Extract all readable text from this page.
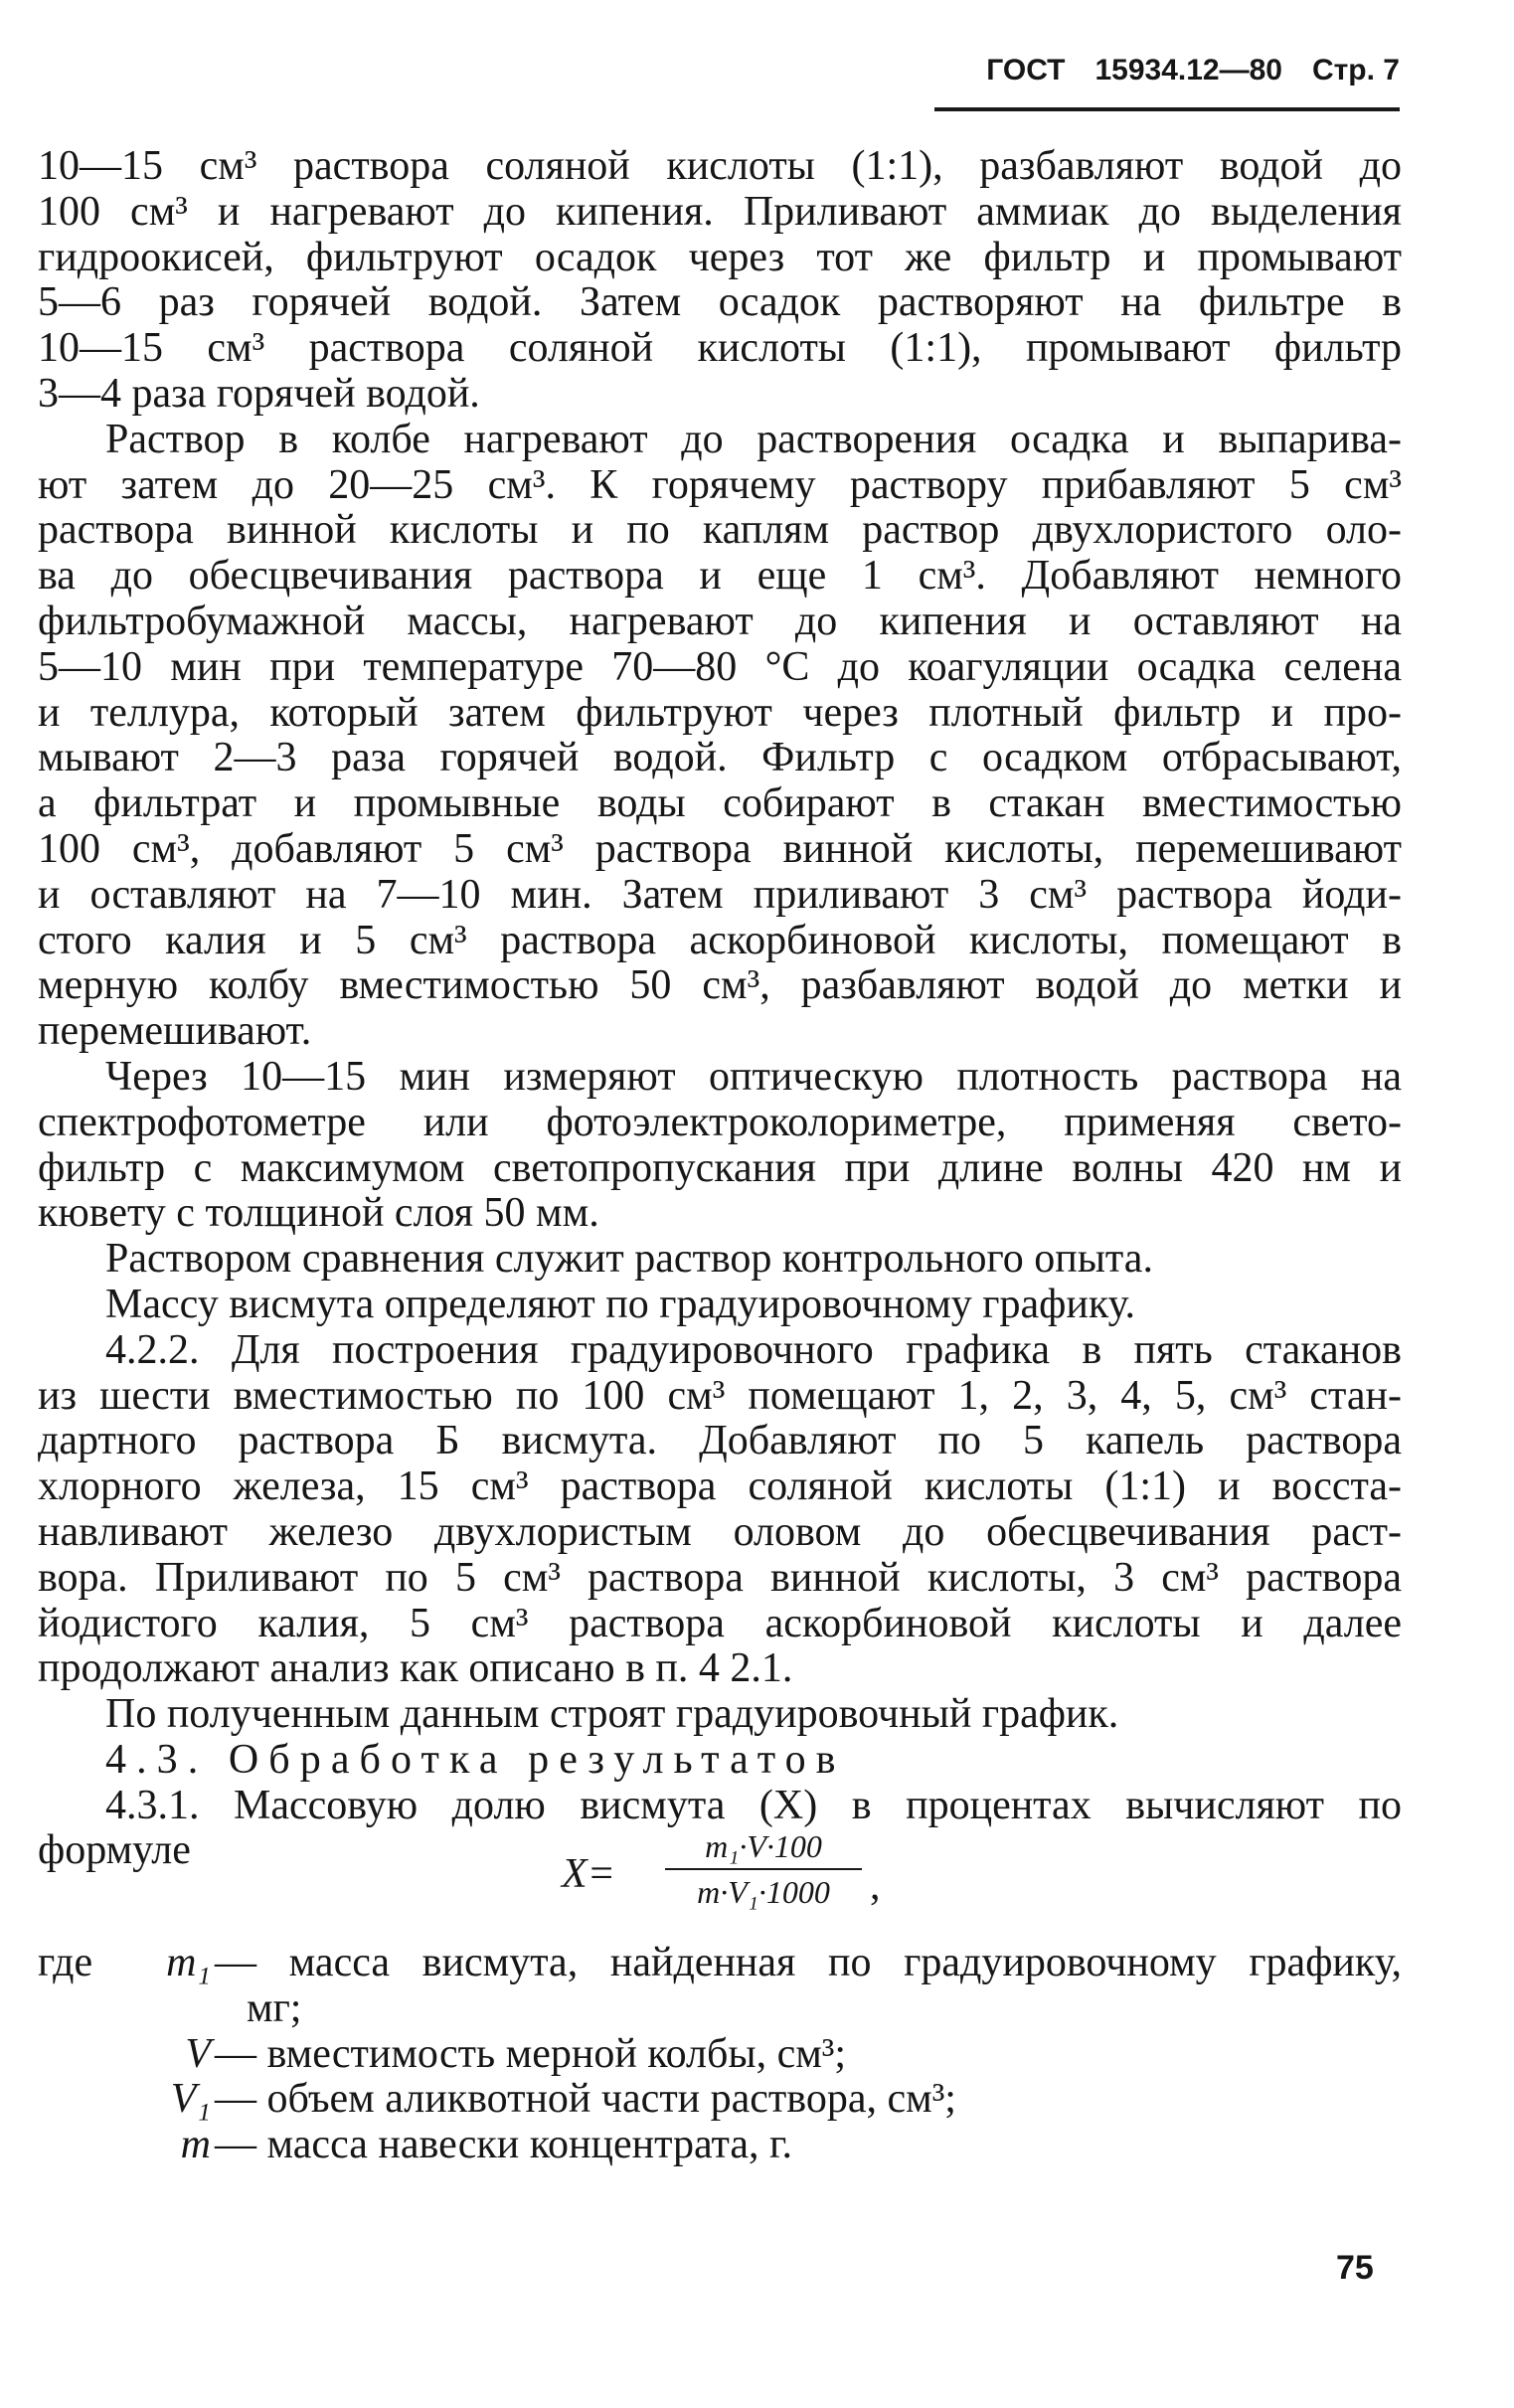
ГОСТ 15934.12—80 Стр. 7
10—15 см³ раствора соляной кислоты (1:1), разбавляют водой до
100 см³ и нагревают до кипения. Приливают аммиак до выделения
гидроокисей, фильтруют осадок через тот же фильтр и промывают
5—6 раз горячей водой. Затем осадок растворяют на фильтре в
10—15 см³ раствора соляной кислоты (1:1), промывают фильтр
3—4 раза горячей водой.
Раствор в колбе нагревают до растворения осадка и выпарива-
ют затем до 20—25 см³. К горячему раствору прибавляют 5 см³
раствора винной кислоты и по каплям раствор двухлористого оло-
ва до обесцвечивания раствора и еще 1 см³. Добавляют немного
фильтробумажной массы, нагревают до кипения и оставляют на
5—10 мин при температуре 70—80 °С до коагуляции осадка селена
и теллура, который затем фильтруют через плотный фильтр и про-
мывают 2—3 раза горячей водой. Фильтр с осадком отбрасывают,
а фильтрат и промывные воды собирают в стакан вместимостью
100 см³, добавляют 5 см³ раствора винной кислоты, перемешивают
и оставляют на 7—10 мин. Затем приливают 3 см³ раствора йоди-
стого калия и 5 см³ раствора аскорбиновой кислоты, помещают в
мерную колбу вместимостью 50 см³, разбавляют водой до метки и
перемешивают.
Через 10—15 мин измеряют оптическую плотность раствора на
спектрофотометре или фотоэлектроколориметре, применяя свето-
фильтр с максимумом светопропускания при длине волны 420 нм и
кювету с толщиной слоя 50 мм.
Раствором сравнения служит раствор контрольного опыта.
Массу висмута определяют по градуировочному графику.
4.2.2. Для построения градуировочного графика в пять стаканов
из шести вместимостью по 100 см³ помещают 1, 2, 3, 4, 5, см³ стан-
дартного раствора Б висмута. Добавляют по 5 капель раствора
хлорного железа, 15 см³ раствора соляной кислоты (1:1) и восста-
навливают железо двухлористым оловом до обесцвечивания раст-
вора. Приливают по 5 см³ раствора винной кислоты, 3 см³ раствора
йодистого калия, 5 см³ раствора аскорбиновой кислоты и далее
продолжают анализ как описано в п. 4 2.1.
По полученным данным строят градуировочный график.
4.3. Обработка результатов
4.3.1. Массовую долю висмута (X) в процентах вычисляют по
формуле
X=
m₁·V·100
m·V₁·1000 ,
где m₁ — масса висмута, найденная по градуировочному графику,
мг;
V — вместимость мерной колбы, см³;
V₁ — объем аликвотной части раствора, см³;
m — масса навески концентрата, г.
75
